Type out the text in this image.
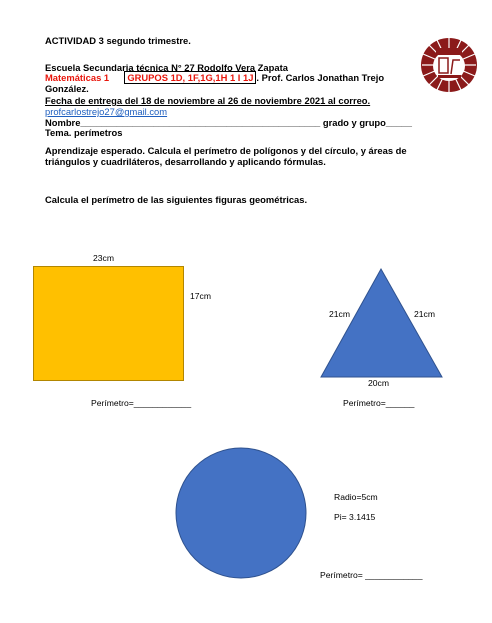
ACTIVIDAD 3 segundo trimestre.
Escuela Secundaria técnica N° 27 Rodolfo Vera Zapata
Matemáticas 1 GRUPOS 1D, 1F,1G,1H 1 I 1J . Prof. Carlos Jonathan Trejo
González.
Fecha de entrega del 18 de noviembre al 26 de noviembre 2021 al correo.
profcarlostrejo27@gmail.com
Nombre______________________________________________ grado y grupo_____
Tema. perímetros
Aprendizaje esperado. Calcula el perímetro de polígonos y del círculo, y áreas de
triángulos y cuadriláteros, desarrollando y aplicando fórmulas.
Calcula el perímetro de las siguientes figuras geométricas.
23cm
17cm
Perímetro=____________
21cm	21cm
20cm
Perímetro=______
Radio=5cm
Pi= 3.1415
Perímetro= ____________
